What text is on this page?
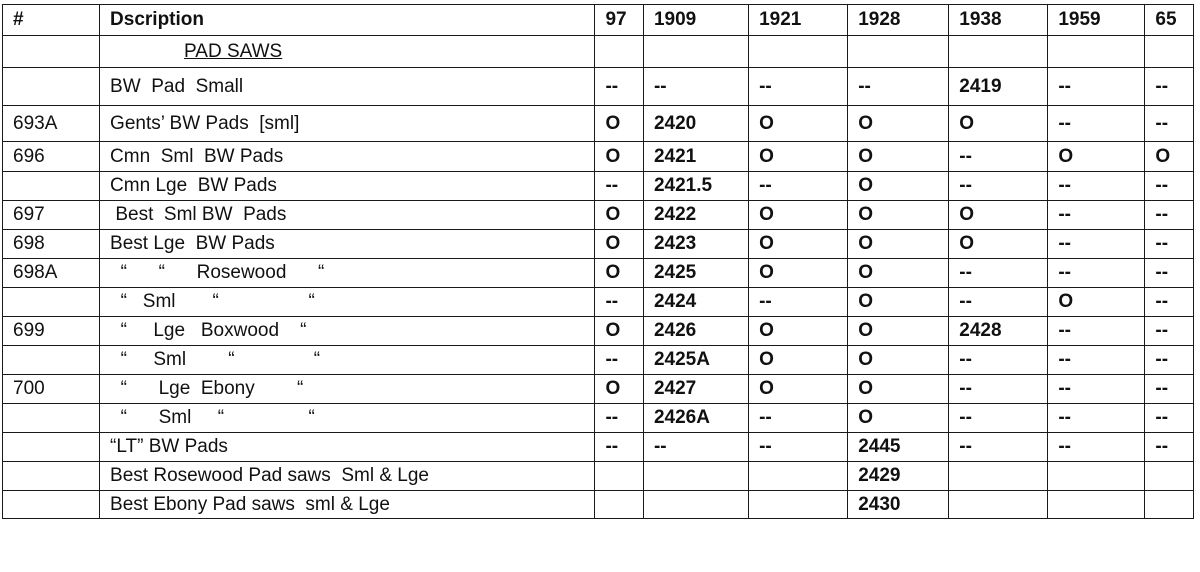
#	Dscription	97	1909	1921	1928	1938	1959	65
	PAD SAWS							
	BW  Pad  Small	--	--	--	--	2419	--	--
693A	Gents’ BW Pads  [sml]	O	2420	O	O	O	--	--
696	Cmn  Sml  BW Pads	O	2421	O	O	--	O	O
	Cmn Lge  BW Pads	--	2421.5	--	O	--	--	--
697	Best  Sml BW  Pads	O	2422	O	O	O	--	--
698	Best Lge  BW Pads	O	2423	O	O	O	--	--
698A	“      “      Rosewood      “	O	2425	O	O	--	--	--
	“   Sml       “                 “	--	2424	--	O	--	O	--
699	“     Lge   Boxwood    “	O	2426	O	O	2428	--	--
	“     Sml        “               “	--	2425A	O	O	--	--	--
700	“      Lge  Ebony        “	O	2427	O	O	--	--	--
	“      Sml     “                “	--	2426A	--	O	--	--	--
	“LT” BW Pads	--	--	--	2445	--	--	--
	Best Rosewood Pad saws  Sml & Lge				2429			
	Best Ebony Pad saws  sml & Lge				2430			
